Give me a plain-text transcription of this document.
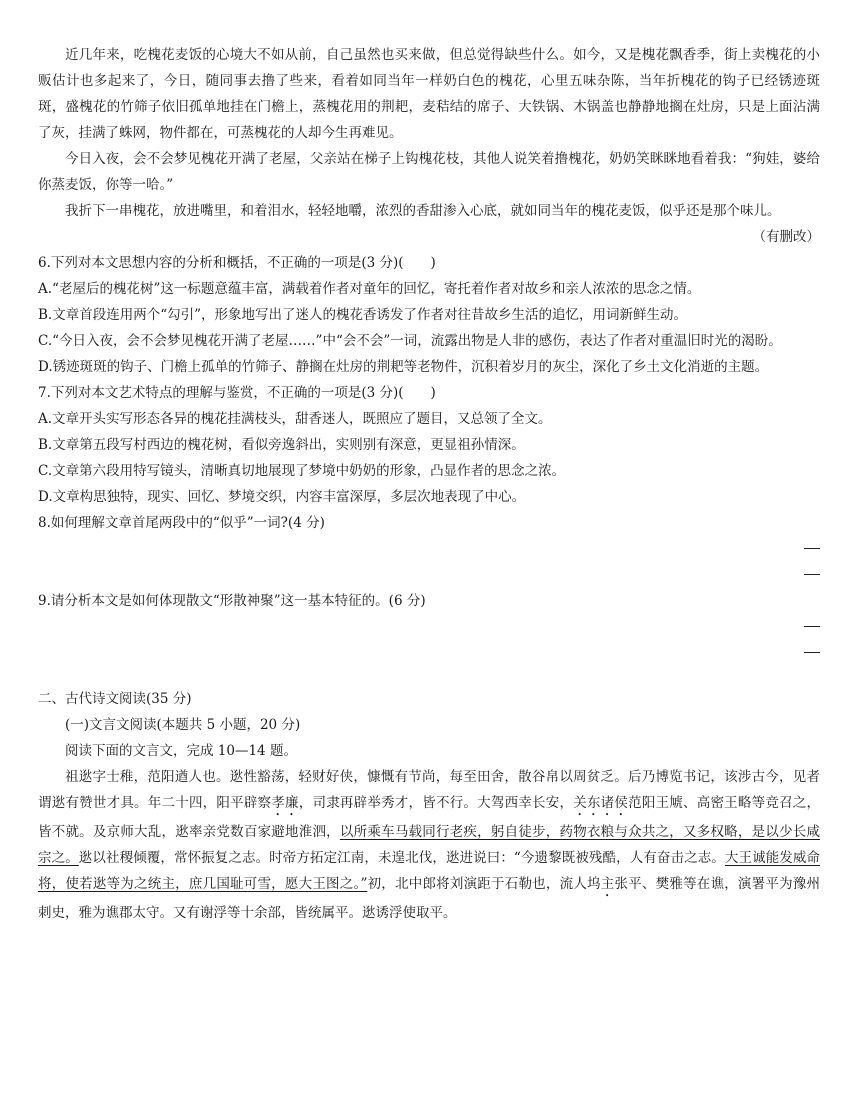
近几年来，吃槐花麦饭的心境大不如从前，自己虽然也买来做，但总觉得缺些什么。如今，又是槐花飘香季，街上卖槐花的小贩估计也多起来了，今日，随同事去撸了些来，看着如同当年一样奶白色的槐花，心里五味杂陈，当年折槐花的钩子已经锈迹斑斑，盛槐花的竹筛子依旧孤单地挂在门檐上，蒸槐花用的荆耙，麦秸结的席子、大铁锅、木锅盖也静静地搁在灶房，只是上面沾满了灰，挂满了蛛网，物件都在，可蒸槐花的人却今生再难见。

今日入夜，会不会梦见槐花开满了老屋，父亲站在梯子上钩槐花枝，其他人说笑着撸槐花，奶奶笑眯眯地看着我：“狗娃，婆给你蒸麦饭，你等一哈。”

我折下一串槐花，放进嘴里，和着泪水，轻轻地嚼，浓烈的香甜渗入心底，就如同当年的槐花麦饭，似乎还是那个味儿。

（有删改）

6.下列对本文思想内容的分析和概括，不正确的一项是(3 分)(　　)

A.“老屋后的槐花树”这一标题意蕴丰富，满载着作者对童年的回忆，寄托着作者对故乡和亲人浓浓的思念之情。

B.文章首段连用两个“勾引”，形象地写出了迷人的槐花香诱发了作者对往昔故乡生活的追忆，用词新鲜生动。

C.“今日入夜，会不会梦见槐花开满了老屋……”中“会不会”一词，流露出物是人非的感伤，表达了作者对重温旧时光的渴盼。

D.锈迹斑斑的钩子、门檐上孤单的竹筛子、静搁在灶房的荆耙等老物件，沉积着岁月的灰尘，深化了乡土文化消逝的主题。

7.下列对本文艺术特点的理解与鉴赏，不正确的一项是(3 分)(　　)

A.文章开头实写形态各异的槐花挂满枝头，甜香迷人，既照应了题目，又总领了全文。

B.文章第五段写村西边的槐花树，看似旁逸斜出，实则别有深意，更显祖孙情深。

C.文章第六段用特写镜头，清晰真切地展现了梦境中奶奶的形象，凸显作者的思念之浓。

D.文章构思独特，现实、回忆、梦境交织，内容丰富深厚，多层次地表现了中心。

8.如何理解文章首尾两段中的“似乎”一词?(4 分)

9.请分析本文是如何体现散文“形散神聚”这一基本特征的。(6 分)

二、古代诗文阅读(35 分)

(一)文言文阅读(本题共 5 小题，20 分)

阅读下面的文言文，完成 10—14 题。

祖逖字士稚，范阳遒人也。逖性豁荡，轻财好侠，慷慨有节尚，每至田舍，散谷帛以周贫乏。后乃博览书记，该涉古今，见者谓逖有赞世才具。年二十四，阳平辟察孝廉，司隶再辟举秀才，皆不行。大驾西幸长安，关东诸侯范阳王虓、高密王略等竞召之，皆不就。及京师大乱，逖率亲党数百家避地淮泗，以所乘车马载同行老疾，躬自徒步，药物衣粮与众共之，又多权略，是以少长咸宗之。逖以社稷倾覆，常怀振复之志。时帝方拓定江南，未遑北伐，逖进说曰：“今遗黎既被残酷，人有奋击之志。大王诚能发威命将，使若逖等为之统主，庶几国耻可雪，愿大王图之。”初，北中郎将刘演距于石勒也，流人坞主张平、樊雅等在谯，演署平为豫州刺史，雅为谯郡太守。又有谢浮等十余部，皆统属平。逖诱浮使取平。
